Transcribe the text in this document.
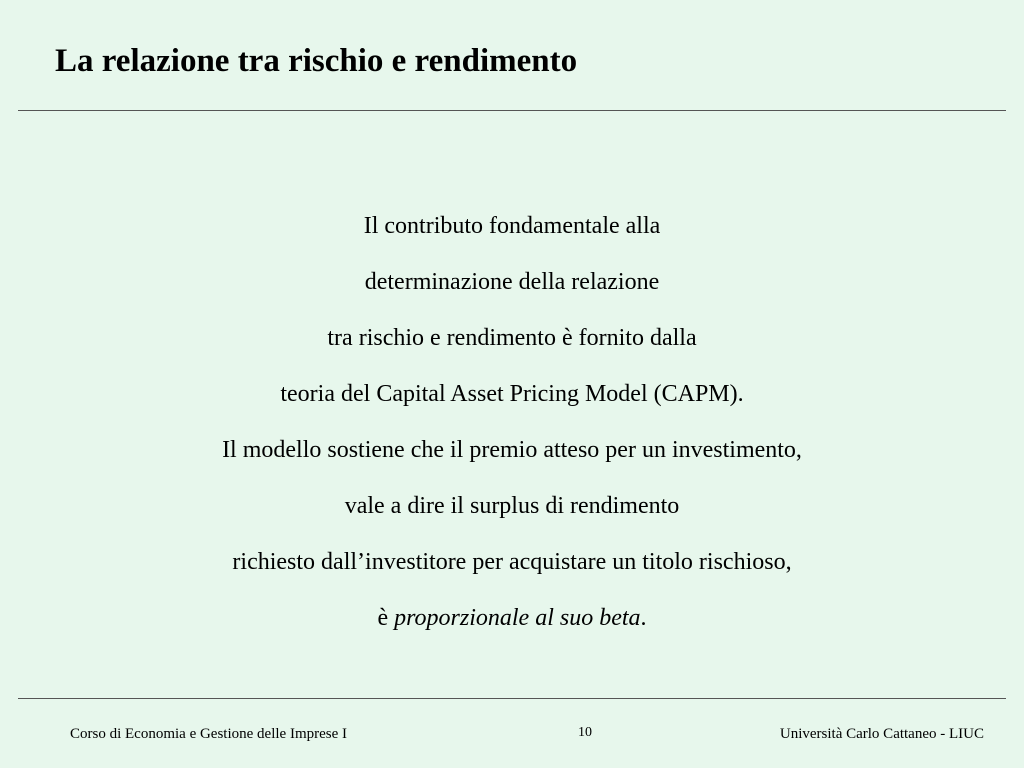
La relazione tra rischio e rendimento
Il contributo fondamentale alla
determinazione della relazione
tra rischio e rendimento è fornito dalla
teoria del Capital Asset Pricing Model (CAPM).
Il modello sostiene che il premio atteso per un investimento,
vale a dire il surplus di rendimento
richiesto dall’investitore per acquistare un titolo rischioso,
è proporzionale al suo beta.
Corso di Economia e Gestione delle Imprese I	10	Università Carlo Cattaneo - LIUC
